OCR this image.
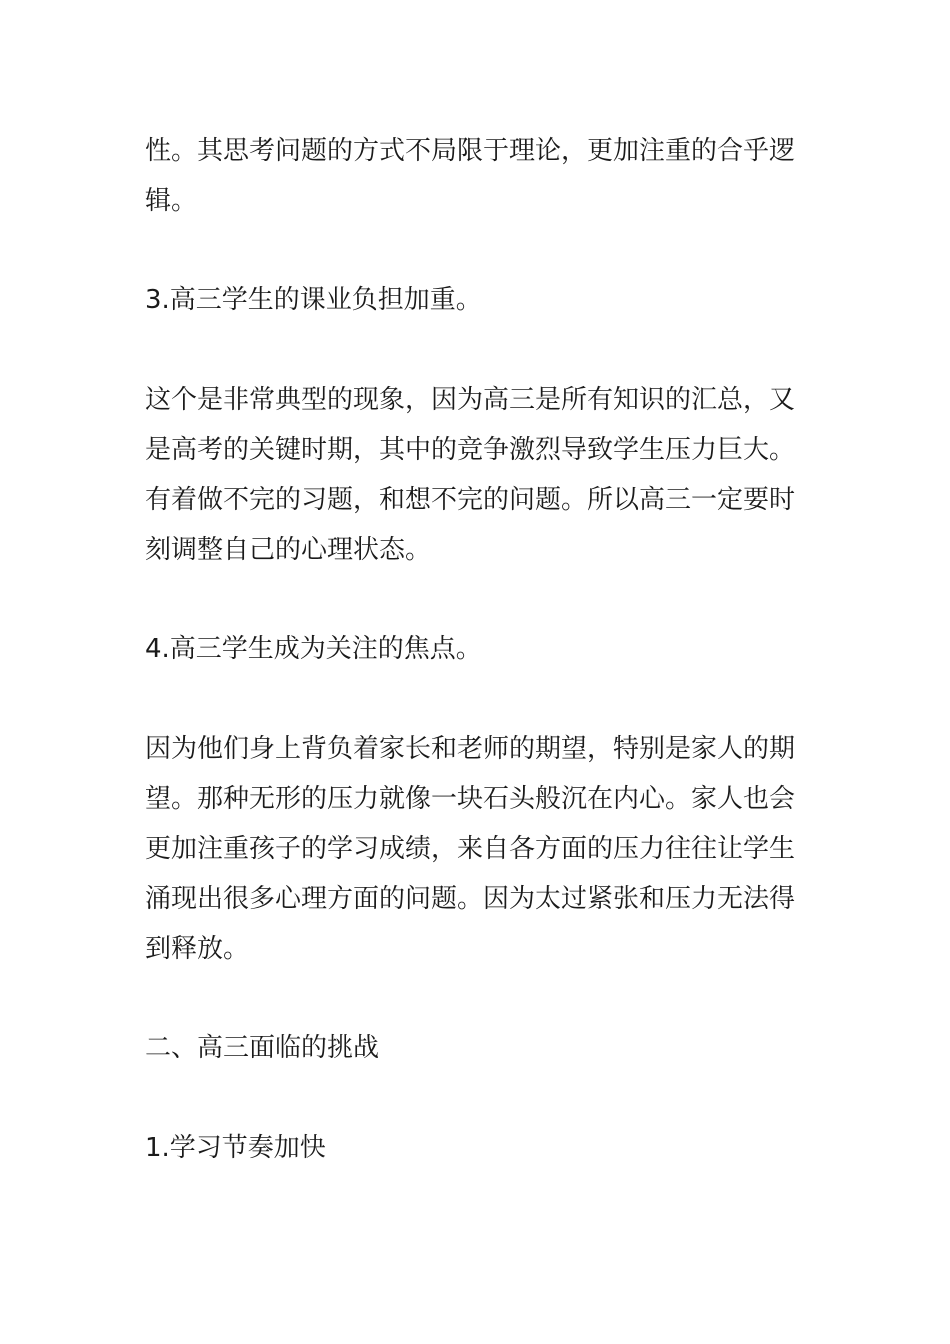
性。其思考问题的方式不局限于理论，更加注重的合乎逻
辑。
3.高三学生的课业负担加重。
这个是非常典型的现象，因为高三是所有知识的汇总，又
是高考的关键时期，其中的竞争激烈导致学生压力巨大。
有着做不完的习题，和想不完的问题。所以高三一定要时
刻调整自己的心理状态。
4.高三学生成为关注的焦点。
因为他们身上背负着家长和老师的期望，特别是家人的期
望。那种无形的压力就像一块石头般沉在内心。家人也会
更加注重孩子的学习成绩，来自各方面的压力往往让学生
涌现出很多心理方面的问题。因为太过紧张和压力无法得
到释放。
二、高三面临的挑战
1.学习节奏加快
